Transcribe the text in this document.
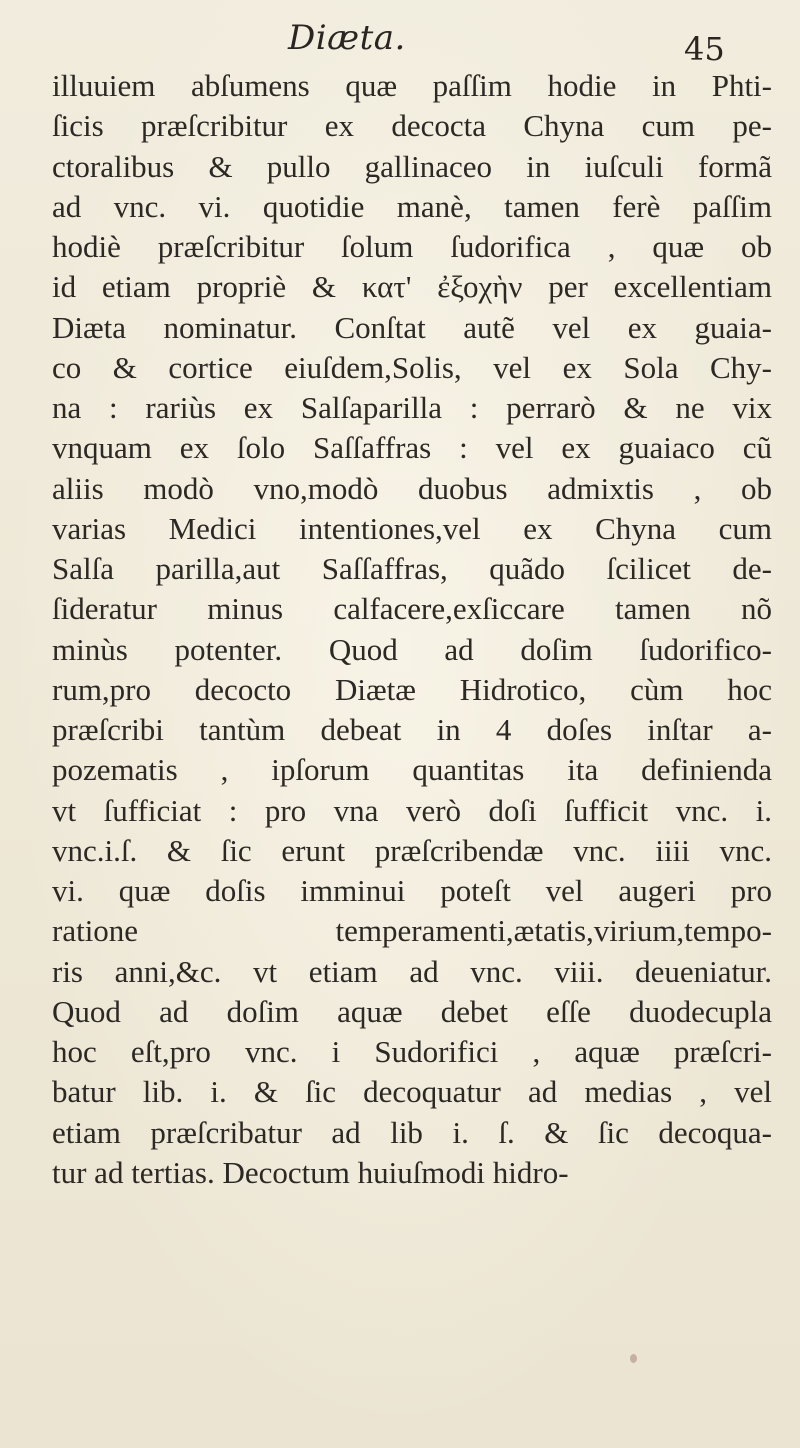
Diæta.	45
illuuiem abſumens quæ paſſim hodie in Phti-
ſicis præſcribitur ex decocta Chyna cum pe-
ctoralibus & pullo gallinaceo in iuſculi formã
ad vnc. vi. quotidie manè, tamen ferè paſſim
hodiè præſcribitur ſolum ſudorifica , quæ ob
id etiam propriè & κατ' ἐξοχὴν per excellentiam
Diæta nominatur. Conſtat autẽ vel ex guaia-
co & cortice eiuſdem,Solis, vel ex Sola Chy-
na : rariùs ex Salſaparilla : perrarò & ne vix
vnquam ex ſolo Saſſaffras : vel ex guaiaco cũ
aliis modò vno,modò duobus admixtis , ob
varias Medici intentiones,vel ex Chyna cum
Salſa parilla,aut Saſſaffras, quãdo ſcilicet de-
ſideratur minus calfacere,exſiccare tamen nõ
minùs potenter. Quod ad doſim ſudorifico-
rum,pro decocto Diætæ Hidrotico, cùm hoc
præſcribi tantùm debeat in 4 doſes inſtar a-
pozematis , ipſorum quantitas ita definienda
vt ſufficiat : pro vna verò doſi ſufficit vnc. i.
vnc.i.ſ. & ſic erunt præſcribendæ vnc. iiii vnc.
vi. quæ doſis imminui poteſt vel augeri pro
ratione temperamenti,ætatis,virium,tempo-
ris anni,&c. vt etiam ad vnc. viii. deueniatur.
Quod ad doſim aquæ debet eſſe duodecupla
hoc eſt,pro vnc. i Sudorifici , aquæ præſcri-
batur lib. i. & ſic decoquatur ad medias , vel
etiam præſcribatur ad lib i. ſ. & ſic decoqua-
tur ad tertias. Decoctum huiuſmodi hidro-
